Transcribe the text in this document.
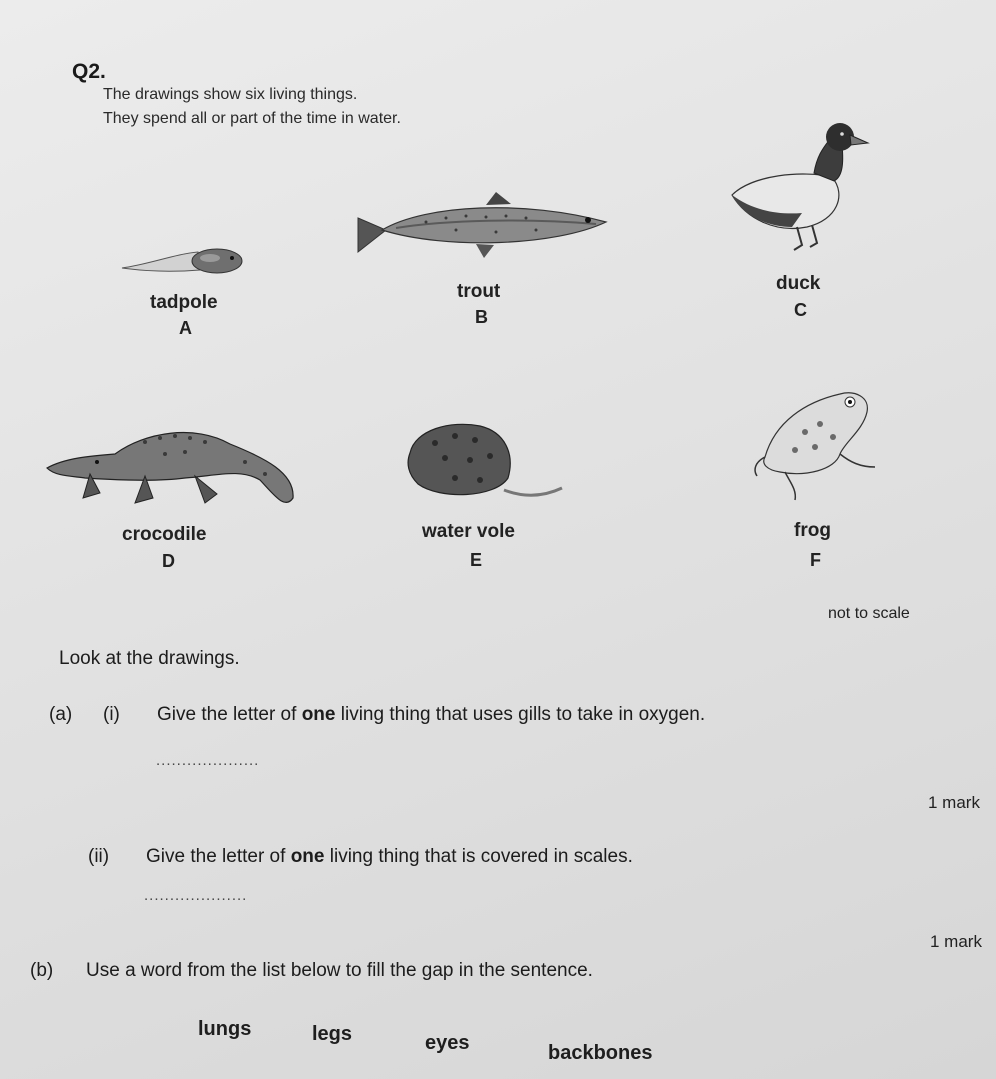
Q2.
The drawings show six living things.
They spend all or part of the time in water.
tadpole
A
trout
B
duck
C
crocodile
D
water vole
E
frog
F
not to scale
Look at the drawings.
(a) (i) Give the letter of one living thing that uses gills to take in oxygen.
....................
1 mark
(ii) Give the letter of one living thing that is covered in scales.
....................
1 mark
(b) Use a word from the list below to fill the gap in the sentence.
lungs	legs	eyes	backbones
